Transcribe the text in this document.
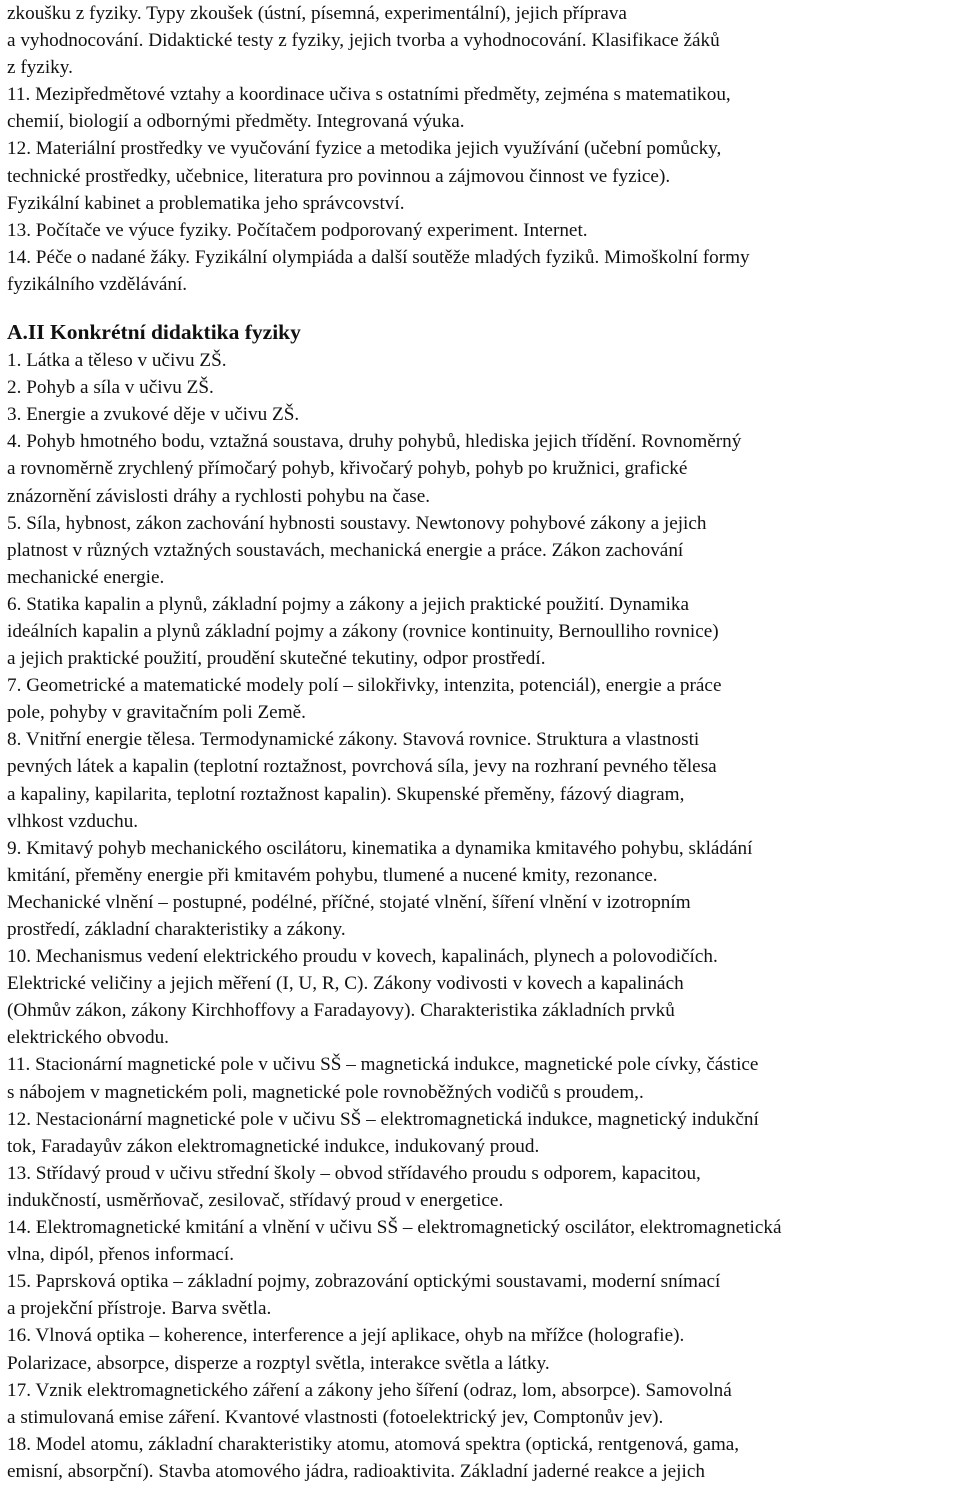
zkoušku z fyziky. Typy zkoušek (ústní, písemná, experimentální), jejich příprava
a vyhodnocování. Didaktické testy z fyziky, jejich tvorba a vyhodnocování. Klasifikace žáků
z fyziky.
11. Mezipředmětové vztahy a koordinace učiva s ostatními předměty, zejména s matematikou,
chemií, biologií a odbornými předměty. Integrovaná výuka.
12. Materiální prostředky ve vyučování fyzice a metodika jejich využívání (učební pomůcky,
technické prostředky, učebnice, literatura pro povinnou a zájmovou činnost ve fyzice).
Fyzikální kabinet a problematika jeho správcovství.
13. Počítače ve výuce fyziky. Počítačem podporovaný experiment. Internet.
14. Péče o nadané žáky. Fyzikální olympiáda a další soutěže mladých fyziků. Mimoškolní formy
fyzikálního vzdělávání.
A.II Konkrétní didaktika fyziky
1. Látka a těleso v učivu ZŠ.
2. Pohyb a síla v učivu ZŠ.
3. Energie a zvukové děje v učivu ZŠ.
4. Pohyb hmotného bodu, vztažná soustava, druhy pohybů, hlediska jejich třídění. Rovnoměrný
a rovnoměrně zrychlený přímočarý pohyb, křivočarý pohyb, pohyb po kružnici, grafické
znázornění závislosti dráhy a rychlosti pohybu na čase.
5. Síla, hybnost, zákon zachování hybnosti soustavy. Newtonovy pohybové zákony a jejich
platnost v různých vztažných soustavách, mechanická energie a práce. Zákon zachování
mechanické energie.
6. Statika kapalin a plynů, základní pojmy a zákony a jejich praktické použití. Dynamika
ideálních kapalin a plynů základní pojmy a zákony (rovnice kontinuity, Bernoulliho rovnice)
a jejich praktické použití, proudění skutečné tekutiny, odpor prostředí.
7. Geometrické a matematické modely polí – silokřivky, intenzita, potenciál), energie a práce
pole, pohyby v gravitačním poli Země.
8. Vnitřní energie tělesa. Termodynamické zákony. Stavová rovnice. Struktura a vlastnosti
pevných látek a kapalin (teplotní roztažnost, povrchová síla, jevy na rozhraní pevného tělesa
a kapaliny, kapilarita, teplotní roztažnost kapalin). Skupenské přeměny, fázový diagram,
vlhkost vzduchu.
9. Kmitavý pohyb mechanického oscilátoru, kinematika a dynamika kmitavého pohybu, skládání
kmitání, přeměny energie při kmitavém pohybu, tlumené a nucené kmity, rezonance.
Mechanické vlnění – postupné, podélné, příčné, stojaté vlnění, šíření vlnění v izotropním
prostředí, základní charakteristiky a zákony.
10. Mechanismus vedení elektrického proudu v kovech, kapalinách, plynech a polovodičích.
Elektrické veličiny a jejich měření (I, U, R, C). Zákony vodivosti v kovech a kapalinách
(Ohmův zákon, zákony Kirchhoffovy a Faradayovy). Charakteristika základních prvků
elektrického obvodu.
11. Stacionární magnetické pole v učivu SŠ – magnetická indukce, magnetické pole cívky, částice
s nábojem v magnetickém poli, magnetické pole rovnoběžných vodičů s proudem,.
12. Nestacionární magnetické pole v učivu SŠ – elektromagnetická indukce, magnetický indukční
tok, Faradayův zákon elektromagnetické indukce, indukovaný proud.
13. Střídavý proud v učivu střední školy – obvod střídavého proudu s odporem, kapacitou,
indukčností, usměrňovač, zesilovač, střídavý proud v energetice.
14. Elektromagnetické kmitání a vlnění v učivu SŠ – elektromagnetický oscilátor, elektromagnetická
vlna, dipól, přenos informací.
15. Paprsková optika – základní pojmy, zobrazování optickými soustavami, moderní snímací
a projekční přístroje. Barva světla.
16. Vlnová optika – koherence, interference a její aplikace, ohyb na mřížce (holografie).
Polarizace, absorpce, disperze a rozptyl světla, interakce světla a látky.
17. Vznik elektromagnetického záření a zákony jeho šíření (odraz, lom, absorpce). Samovolná
a stimulovaná emise záření. Kvantové vlastnosti (fotoelektrický jev, Comptonův jev).
18. Model atomu, základní charakteristiky atomu, atomová spektra (optická, rentgenová, gama,
emisní, absorpční). Stavba atomového jádra, radioaktivita. Základní jaderné reakce a jejich
